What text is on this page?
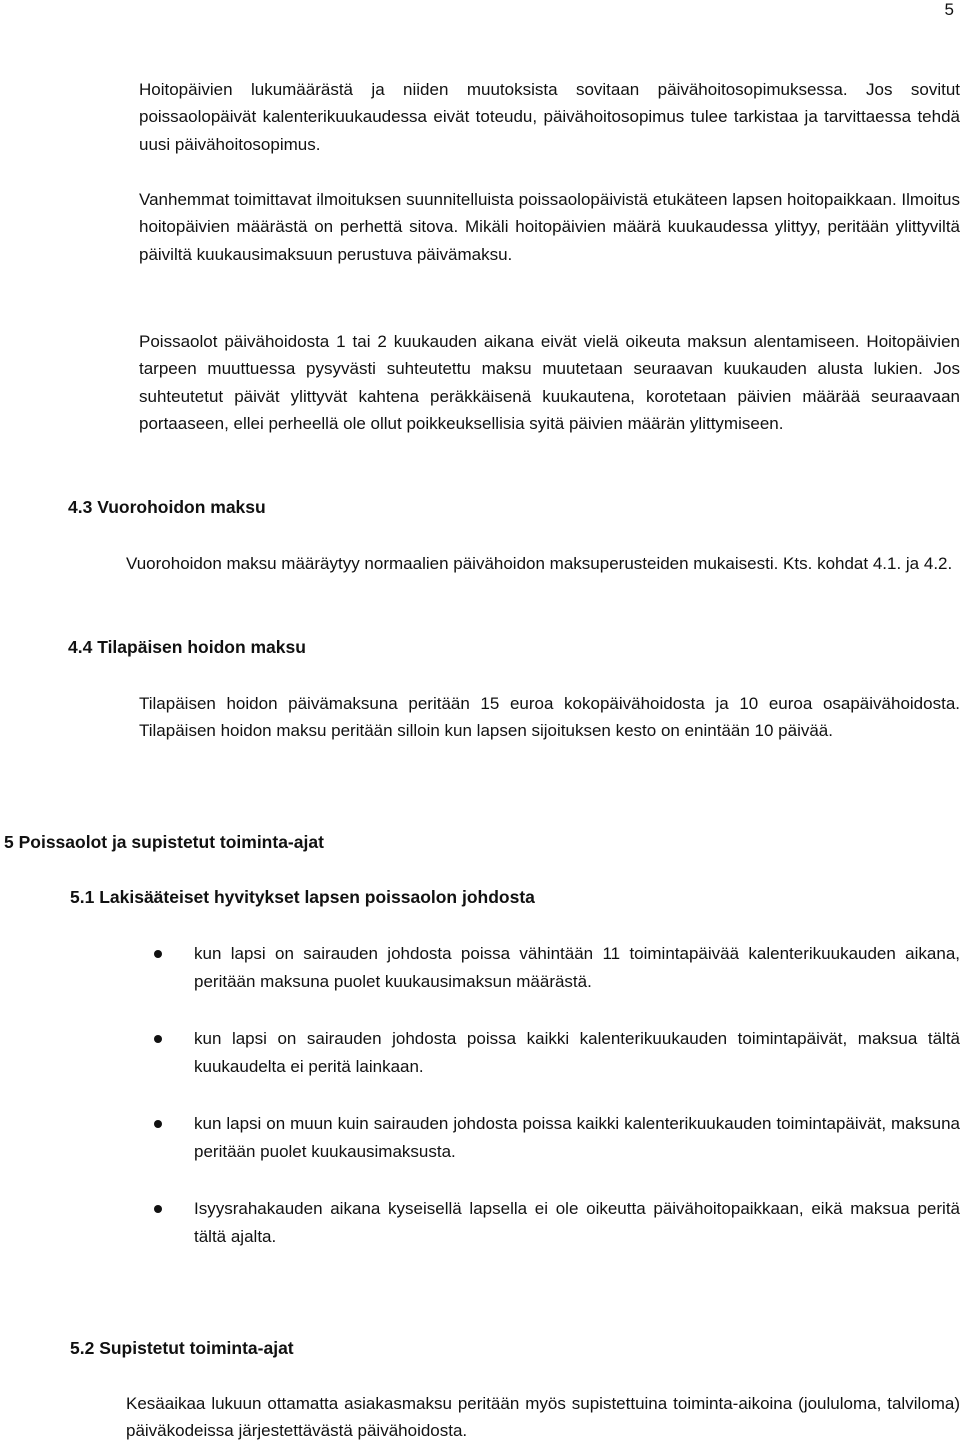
5

Hoitopäivien lukumäärästä ja niiden muutoksista sovitaan päivähoitosopimuksessa. Jos sovitut poissaolopäivät kalenterikuukaudessa eivät toteudu, päivähoitosopimus tulee tarkistaa ja tarvittaessa tehdä uusi päivähoitosopimus.

Vanhemmat toimittavat ilmoituksen suunnitelluista poissaolopäivistä etukäteen lapsen hoitopaikkaan. Ilmoitus hoitopäivien määrästä on perhettä sitova. Mikäli hoitopäivien määrä kuukaudessa ylittyy, peritään ylittyviltä päiviltä kuukausimaksuun perustuva päivämaksu.

Poissaolot päivähoidosta 1 tai 2 kuukauden aikana eivät vielä oikeuta maksun alentamiseen. Hoitopäivien tarpeen muuttuessa pysyvästi suhteutettu maksu muutetaan seuraavan kuukauden alusta lukien. Jos suhteutetut päivät ylittyvät kahtena peräkkäisenä kuukautena, korotetaan päivien määrää seuraavaan portaaseen, ellei perheellä ole ollut poikkeuksellisia syitä päivien määrän ylittymiseen.

4.3 Vuorohoidon maksu

Vuorohoidon maksu määräytyy normaalien päivähoidon maksuperusteiden mukaisesti. Kts. kohdat 4.1. ja 4.2.

4.4 Tilapäisen hoidon maksu

Tilapäisen hoidon päivämaksuna peritään 15 euroa kokopäivähoidosta ja 10 euroa osapäivähoidosta. Tilapäisen hoidon maksu peritään silloin kun lapsen sijoituksen kesto on enintään 10 päivää.

5 Poissaolot ja supistetut toiminta-ajat
5.1 Lakisääteiset hyvitykset lapsen poissaolon johdosta
kun lapsi on sairauden johdosta poissa vähintään 11 toimintapäivää kalenterikuukauden aikana, peritään maksuna puolet kuukausimaksun määrästä.
kun lapsi on sairauden johdosta poissa kaikki kalenterikuukauden toimintapäivät, maksua tältä kuukaudelta ei peritä lainkaan.
kun lapsi on muun kuin sairauden johdosta poissa kaikki kalenterikuukauden toimintapäivät, maksuna peritään puolet kuukausimaksusta.
Isyysrahakauden aikana kyseisellä lapsella ei ole oikeutta päivähoitopaikkaan, eikä maksua peritä tältä ajalta.
5.2 Supistetut toiminta-ajat

Kesäaikaa lukuun ottamatta asiakasmaksu peritään myös supistettuina toiminta-aikoina (joululoma, talviloma) päiväkodeissa järjestettävästä päivähoidosta.
